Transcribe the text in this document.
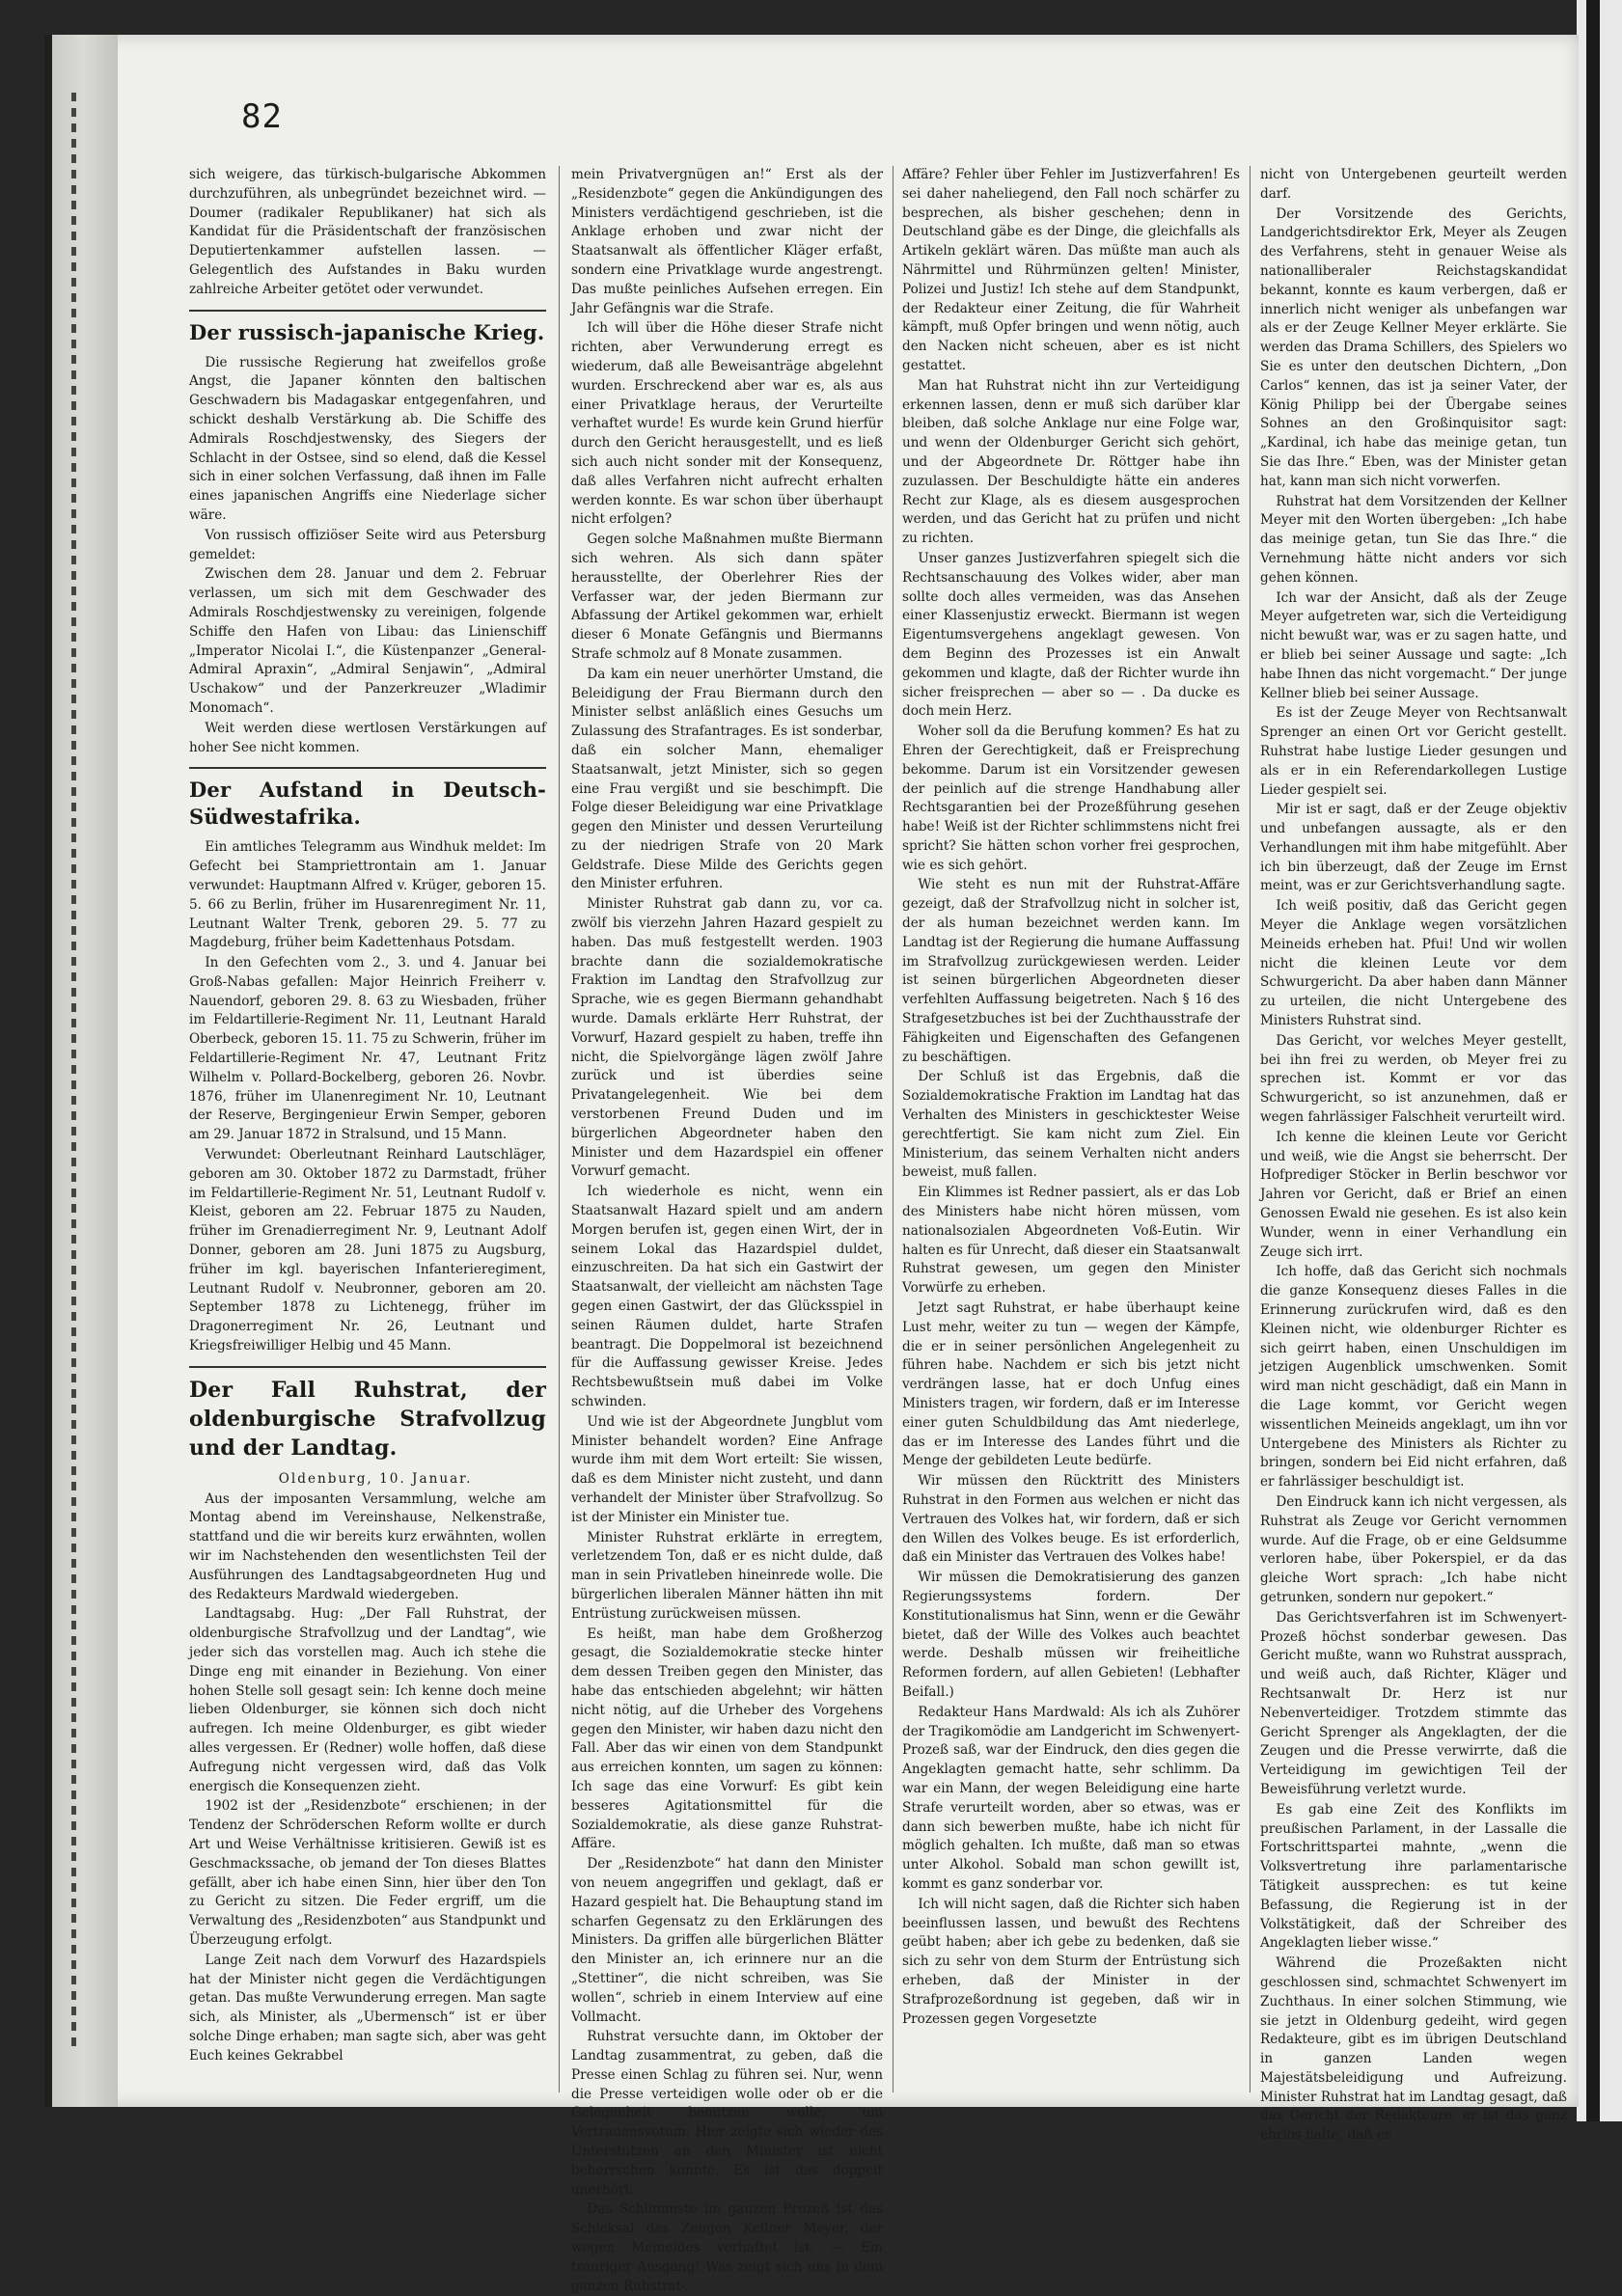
82

sich weigere, das türkisch-bulgarische Abkommen durchzuführen, als unbegründet bezeichnet wird. — Doumer (radikaler Republikaner) hat sich als Kandidat für die Präsidentschaft der französischen Deputiertenkammer aufstellen lassen. — Gelegentlich des Aufstandes in Baku wurden zahlreiche Arbeiter getötet oder verwundet.

Der russisch-japanische Krieg.

Die russische Regierung hat zweifellos große Angst, die Japaner könnten den baltischen Geschwadern bis Madagaskar entgegenfahren, und schickt deshalb Verstärkung ab. Die Schiffe des Admirals Roschdjestwensky, des Siegers der Schlacht in der Ostsee, sind so elend, daß die Kessel sich in einer solchen Verfassung, daß ihnen im Falle eines japanischen Angriffs eine Niederlage sicher wäre.

Von russisch offiziöser Seite wird aus Petersburg gemeldet:

Zwischen dem 28. Januar und dem 2. Februar verlassen, um sich mit dem Geschwader des Admirals Roschdjestwensky zu vereinigen, folgende Schiffe den Hafen von Libau: das Linienschiff „Imperator Nicolai I.“, die Küstenpanzer „General-Admiral Apraxin“, „Admiral Senjawin“, „Admiral Uschakow“ und der Panzerkreuzer „Wladimir Monomach“.

Weit werden diese wertlosen Verstärkungen auf hoher See nicht kommen.

Der Aufstand in Deutsch-Südwestafrika.

Ein amtliches Telegramm aus Windhuk meldet: Im Gefecht bei Stampriettrontain am 1. Januar verwundet: Hauptmann Alfred v. Krüger, geboren 15. 5. 66 zu Berlin, früher im Husarenregiment Nr. 11, Leutnant Walter Trenk, geboren 29. 5. 77 zu Magdeburg, früher beim Kadettenhaus Potsdam.

In den Gefechten vom 2., 3. und 4. Januar bei Groß-Nabas gefallen: Major Heinrich Freiherr v. Nauendorf, geboren 29. 8. 63 zu Wiesbaden, früher im Feldartillerie-Regiment Nr. 11, Leutnant Harald Oberbeck, geboren 15. 11. 75 zu Schwerin, früher im Feldartillerie-Regiment Nr. 47, Leutnant Fritz Wilhelm v. Pollard-Bockelberg, geboren 26. Novbr. 1876, früher im Ulanenregiment Nr. 10, Leutnant der Reserve, Bergingenieur Erwin Semper, geboren am 29. Januar 1872 in Stralsund, und 15 Mann.

Verwundet: Oberleutnant Reinhard Lautschläger, geboren am 30. Oktober 1872 zu Darmstadt, früher im Feldartillerie-Regiment Nr. 51, Leutnant Rudolf v. Kleist, geboren am 22. Februar 1875 zu Nauden, früher im Grenadierregiment Nr. 9, Leutnant Adolf Donner, geboren am 28. Juni 1875 zu Augsburg, früher im kgl. bayerischen Infanterieregiment, Leutnant Rudolf v. Neubronner, geboren am 20. September 1878 zu Lichtenegg, früher im Dragonerregiment Nr. 26, Leutnant und Kriegsfreiwilliger Helbig und 45 Mann.

Der Fall Ruhstrat, der oldenburgische Strafvollzug und der Landtag.

Oldenburg, 10. Januar.

Aus der imposanten Versammlung, welche am Montag abend im Vereinshause, Nelkenstraße, stattfand und die wir bereits kurz erwähnten, wollen wir im Nachstehenden den wesentlichsten Teil der Ausführungen des Landtagsabgeordneten Hug und des Redakteurs Mardwald wiedergeben.

Landtagsabg. Hug: „Der Fall Ruhstrat, der oldenburgische Strafvollzug und der Landtag“, wie jeder sich das vorstellen mag. Auch ich stehe die Dinge eng mit einander in Beziehung. Von einer hohen Stelle soll gesagt sein: Ich kenne doch meine lieben Oldenburger, sie können sich doch nicht aufregen. Ich meine Oldenburger, es gibt wieder alles vergessen. Er (Redner) wolle hoffen, daß diese Aufregung nicht vergessen wird, daß das Volk energisch die Konsequenzen zieht.

1902 ist der „Residenzbote“ erschienen; in der Tendenz der Schröderschen Reform wollte er durch Art und Weise Verhältnisse kritisieren. Gewiß ist es Geschmackssache, ob jemand der Ton dieses Blattes gefällt, aber ich habe einen Sinn, hier über den Ton zu Gericht zu sitzen. Die Feder ergriff, um die Verwaltung des „Residenzboten“ aus Standpunkt und Überzeugung erfolgt.

Lange Zeit nach dem Vorwurf des Hazardspiels hat der Minister nicht gegen die Verdächtigungen getan. Das mußte Verwunderung erregen. Man sagte sich, als Minister, als „Ubermensch“ ist er über solche Dinge erhaben; man sagte sich, aber was geht Euch keines Gekrabbel

mein Privatvergnügen an!“ Erst als der „Residenzbote“ gegen die Ankündigungen des Ministers verdächtigend geschrieben, ist die Anklage erhoben und zwar nicht der Staatsanwalt als öffentlicher Kläger erfaßt, sondern eine Privatklage wurde angestrengt. Das mußte peinliches Aufsehen erregen. Ein Jahr Gefängnis war die Strafe.

Ich will über die Höhe dieser Strafe nicht richten, aber Verwunderung erregt es wiederum, daß alle Beweisanträge abgelehnt wurden. Erschreckend aber war es, als aus einer Privatklage heraus, der Verurteilte verhaftet wurde! Es wurde kein Grund hierfür durch den Gericht herausgestellt, und es ließ sich auch nicht sonder mit der Konsequenz, daß alles Verfahren nicht aufrecht erhalten werden konnte. Es war schon über überhaupt nicht erfolgen?

Gegen solche Maßnahmen mußte Biermann sich wehren. Als sich dann später herausstellte, der Oberlehrer Ries der Verfasser war, der jeden Biermann zur Abfassung der Artikel gekommen war, erhielt dieser 6 Monate Gefängnis und Biermanns Strafe schmolz auf 8 Monate zusammen.

Da kam ein neuer unerhörter Umstand, die Beleidigung der Frau Biermann durch den Minister selbst anläßlich eines Gesuchs um Zulassung des Strafantrages. Es ist sonderbar, daß ein solcher Mann, ehemaliger Staatsanwalt, jetzt Minister, sich so gegen eine Frau vergißt und sie beschimpft. Die Folge dieser Beleidigung war eine Privatklage gegen den Minister und dessen Verurteilung zu der niedrigen Strafe von 20 Mark Geldstrafe. Diese Milde des Gerichts gegen den Minister erfuhren.

Minister Ruhstrat gab dann zu, vor ca. zwölf bis vierzehn Jahren Hazard gespielt zu haben. Das muß festgestellt werden. 1903 brachte dann die sozialdemokratische Fraktion im Landtag den Strafvollzug zur Sprache, wie es gegen Biermann gehandhabt wurde. Damals erklärte Herr Ruhstrat, der Vorwurf, Hazard gespielt zu haben, treffe ihn nicht, die Spielvorgänge lägen zwölf Jahre zurück und ist überdies seine Privatangelegenheit. Wie bei dem verstorbenen Freund Duden und im bürgerlichen Abgeordneter haben den Minister und dem Hazardspiel ein offener Vorwurf gemacht.

Ich wiederhole es nicht, wenn ein Staatsanwalt Hazard spielt und am andern Morgen berufen ist, gegen einen Wirt, der in seinem Lokal das Hazardspiel duldet, einzuschreiten. Da hat sich ein Gastwirt der Staatsanwalt, der vielleicht am nächsten Tage gegen einen Gastwirt, der das Glücksspiel in seinen Räumen duldet, harte Strafen beantragt. Die Doppelmoral ist bezeichnend für die Auffassung gewisser Kreise. Jedes Rechtsbewußtsein muß dabei im Volke schwinden.

Und wie ist der Abgeordnete Jungblut vom Minister behandelt worden? Eine Anfrage wurde ihm mit dem Wort erteilt: Sie wissen, daß es dem Minister nicht zusteht, und dann verhandelt der Minister über Strafvollzug. So ist der Minister ein Minister tue.

Minister Ruhstrat erklärte in erregtem, verletzendem Ton, daß er es nicht dulde, daß man in sein Privatleben hineinrede wolle. Die bürgerlichen liberalen Männer hätten ihn mit Entrüstung zurückweisen müssen.

Es heißt, man habe dem Großherzog gesagt, die Sozialdemokratie stecke hinter dem dessen Treiben gegen den Minister, das habe das entschieden abgelehnt; wir hätten nicht nötig, auf die Urheber des Vorgehens gegen den Minister, wir haben dazu nicht den Fall. Aber das wir einen von dem Standpunkt aus erreichen konnten, um sagen zu können: Ich sage das eine Vorwurf: Es gibt kein besseres Agitationsmittel für die Sozialdemokratie, als diese ganze Ruhstrat-Affäre.

Der „Residenzbote“ hat dann den Minister von neuem angegriffen und geklagt, daß er Hazard gespielt hat. Die Behauptung stand im scharfen Gegensatz zu den Erklärungen des Ministers. Da griffen alle bürgerlichen Blätter den Minister an, ich erinnere nur an die „Stettiner“, die nicht schreiben, was Sie wollen“, schrieb in einem Interview auf eine Vollmacht.

Ruhstrat versuchte dann, im Oktober der Landtag zusammentrat, zu geben, daß die Presse einen Schlag zu führen sei. Nur, wenn die Presse verteidigen wolle oder ob er die Gelegenheit benutzen wolle, um Vertrauensvotum. Hier zeigte sich wieder des Unterstützen an den Minister ist nicht beherrschen konnte. Es ist das doppelt unerhört.

Das Schlimmste im ganzen Prozeß ist das Schicksal des Zeugen Kellner Meyer, der wegen Meineides verhaftet ist. — Ein trauriger Ausgang! Was zeigt sich uns in dem ganzen Ruhstrat-

Affäre? Fehler über Fehler im Justizverfahren! Es sei daher naheliegend, den Fall noch schärfer zu besprechen, als bisher geschehen; denn in Deutschland gäbe es der Dinge, die gleichfalls als Artikeln geklärt wären. Das müßte man auch als Nährmittel und Rührmünzen gelten! Minister, Polizei und Justiz! Ich stehe auf dem Standpunkt, der Redakteur einer Zeitung, die für Wahrheit kämpft, muß Opfer bringen und wenn nötig, auch den Nacken nicht scheuen, aber es ist nicht gestattet.

Man hat Ruhstrat nicht ihn zur Verteidigung erkennen lassen, denn er muß sich darüber klar bleiben, daß solche Anklage nur eine Folge war, und wenn der Oldenburger Gericht sich gehört, und der Abgeordnete Dr. Röttger habe ihn zuzulassen. Der Beschuldigte hätte ein anderes Recht zur Klage, als es diesem ausgesprochen werden, und das Gericht hat zu prüfen und nicht zu richten.

Unser ganzes Justizverfahren spiegelt sich die Rechtsanschauung des Volkes wider, aber man sollte doch alles vermeiden, was das Ansehen einer Klassenjustiz erweckt. Biermann ist wegen Eigentumsvergehens angeklagt gewesen. Von dem Beginn des Prozesses ist ein Anwalt gekommen und klagte, daß der Richter wurde ihn sicher freisprechen — aber so — . Da ducke es doch mein Herz.

Woher soll da die Berufung kommen? Es hat zu Ehren der Gerechtigkeit, daß er Freisprechung bekomme. Darum ist ein Vorsitzender gewesen der peinlich auf die strenge Handhabung aller Rechtsgarantien bei der Prozeßführung gesehen habe! Weiß ist der Richter schlimmstens nicht frei spricht? Sie hätten schon vorher frei gesprochen, wie es sich gehört.

Wie steht es nun mit der Ruhstrat-Affäre gezeigt, daß der Strafvollzug nicht in solcher ist, der als human bezeichnet werden kann. Im Landtag ist der Regierung die humane Auffassung im Strafvollzug zurückgewiesen werden. Leider ist seinen bürgerlichen Abgeordneten dieser verfehlten Auffassung beigetreten. Nach § 16 des Strafgesetzbuches ist bei der Zuchthausstrafe der Fähigkeiten und Eigenschaften des Gefangenen zu beschäftigen.

Der Schluß ist das Ergebnis, daß die Sozialdemokratische Fraktion im Landtag hat das Verhalten des Ministers in geschicktester Weise gerechtfertigt. Sie kam nicht zum Ziel. Ein Ministerium, das seinem Verhalten nicht anders beweist, muß fallen.

Ein Klimmes ist Redner passiert, als er das Lob des Ministers habe nicht hören müssen, vom nationalsozialen Abgeordneten Voß-Eutin. Wir halten es für Unrecht, daß dieser ein Staatsanwalt Ruhstrat gewesen, um gegen den Minister Vorwürfe zu erheben.

Jetzt sagt Ruhstrat, er habe überhaupt keine Lust mehr, weiter zu tun — wegen der Kämpfe, die er in seiner persönlichen Angelegenheit zu führen habe. Nachdem er sich bis jetzt nicht verdrängen lasse, hat er doch Unfug eines Ministers tragen, wir fordern, daß er im Interesse einer guten Schuldbildung das Amt niederlege, das er im Interesse des Landes führt und die Menge der gebildeten Leute bedürfe.

Wir müssen den Rücktritt des Ministers Ruhstrat in den Formen aus welchen er nicht das Vertrauen des Volkes hat, wir fordern, daß er sich den Willen des Volkes beuge. Es ist erforderlich, daß ein Minister das Vertrauen des Volkes habe!

Wir müssen die Demokratisierung des ganzen Regierungssystems fordern. Der Konstitutionalismus hat Sinn, wenn er die Gewähr bietet, daß der Wille des Volkes auch beachtet werde. Deshalb müssen wir freiheitliche Reformen fordern, auf allen Gebieten! (Lebhafter Beifall.)

Redakteur Hans Mardwald: Als ich als Zuhörer der Tragikomödie am Landgericht im Schwenyert-Prozeß saß, war der Eindruck, den dies gegen die Angeklagten gemacht hatte, sehr schlimm. Da war ein Mann, der wegen Beleidigung eine harte Strafe verurteilt worden, aber so etwas, was er dann sich bewerben mußte, habe ich nicht für möglich gehalten. Ich mußte, daß man so etwas unter Alkohol. Sobald man schon gewillt ist, kommt es ganz sonderbar vor.

Ich will nicht sagen, daß die Richter sich haben beeinflussen lassen, und bewußt des Rechtens geübt haben; aber ich gebe zu bedenken, daß sie sich zu sehr von dem Sturm der Entrüstung sich erheben, daß der Minister in der Strafprozeßordnung ist gegeben, daß wir in Prozessen gegen Vorgesetzte

nicht von Untergebenen geurteilt werden darf.

Der Vorsitzende des Gerichts, Landgerichtsdirektor Erk, Meyer als Zeugen des Verfahrens, steht in genauer Weise als nationalliberaler Reichstagskandidat bekannt, konnte es kaum verbergen, daß er innerlich nicht weniger als unbefangen war als er der Zeuge Kellner Meyer erklärte. Sie werden das Drama Schillers, des Spielers wo Sie es unter den deutschen Dichtern, „Don Carlos“ kennen, das ist ja seiner Vater, der König Philipp bei der Übergabe seines Sohnes an den Großinquisitor sagt: „Kardinal, ich habe das meinige getan, tun Sie das Ihre.“ Eben, was der Minister getan hat, kann man sich nicht vorwerfen.

Ruhstrat hat dem Vorsitzenden der Kellner Meyer mit den Worten übergeben: „Ich habe das meinige getan, tun Sie das Ihre.“ die Vernehmung hätte nicht anders vor sich gehen können.

Ich war der Ansicht, daß als der Zeuge Meyer aufgetreten war, sich die Verteidigung nicht bewußt war, was er zu sagen hatte, und er blieb bei seiner Aussage und sagte: „Ich habe Ihnen das nicht vorgemacht.“ Der junge Kellner blieb bei seiner Aussage.

Es ist der Zeuge Meyer von Rechtsanwalt Sprenger an einen Ort vor Gericht gestellt. Ruhstrat habe lustige Lieder gesungen und als er in ein Referendarkollegen Lustige Lieder gespielt sei.

Mir ist er sagt, daß er der Zeuge objektiv und unbefangen aussagte, als er den Verhandlungen mit ihm habe mitgefühlt. Aber ich bin überzeugt, daß der Zeuge im Ernst meint, was er zur Gerichtsverhandlung sagte.

Ich weiß positiv, daß das Gericht gegen Meyer die Anklage wegen vorsätzlichen Meineids erheben hat. Pfui! Und wir wollen nicht die kleinen Leute vor dem Schwurgericht. Da aber haben dann Männer zu urteilen, die nicht Untergebene des Ministers Ruhstrat sind.

Das Gericht, vor welches Meyer gestellt, bei ihn frei zu werden, ob Meyer frei zu sprechen ist. Kommt er vor das Schwurgericht, so ist anzunehmen, daß er wegen fahrlässiger Falschheit verurteilt wird.

Ich kenne die kleinen Leute vor Gericht und weiß, wie die Angst sie beherrscht. Der Hofprediger Stöcker in Berlin beschwor vor Jahren vor Gericht, daß er Brief an einen Genossen Ewald nie gesehen. Es ist also kein Wunder, wenn in einer Verhandlung ein Zeuge sich irrt.

Ich hoffe, daß das Gericht sich nochmals die ganze Konsequenz dieses Falles in die Erinnerung zurückrufen wird, daß es den Kleinen nicht, wie oldenburger Richter es sich geirrt haben, einen Unschuldigen im jetzigen Augenblick umschwenken. Somit wird man nicht geschädigt, daß ein Mann in die Lage kommt, vor Gericht wegen wissentlichen Meineids angeklagt, um ihn vor Untergebene des Ministers als Richter zu bringen, sondern bei Eid nicht erfahren, daß er fahrlässiger beschuldigt ist.

Den Eindruck kann ich nicht vergessen, als Ruhstrat als Zeuge vor Gericht vernommen wurde. Auf die Frage, ob er eine Geldsumme verloren habe, über Pokerspiel, er da das gleiche Wort sprach: „Ich habe nicht getrunken, sondern nur gepokert.“

Das Gerichtsverfahren ist im Schwenyert-Prozeß höchst sonderbar gewesen. Das Gericht mußte, wann wo Ruhstrat aussprach, und weiß auch, daß Richter, Kläger und Rechtsanwalt Dr. Herz ist nur Nebenverteidiger. Trotzdem stimmte das Gericht Sprenger als Angeklagten, der die Zeugen und die Presse verwirrte, daß die Verteidigung im gewichtigen Teil der Beweisführung verletzt wurde.

Es gab eine Zeit des Konflikts im preußischen Parlament, in der Lassalle die Fortschrittspartei mahnte, „wenn die Volksvertretung ihre parlamentarische Tätigkeit aussprechen: es tut keine Befassung, die Regierung ist in der Volkstätigkeit, daß der Schreiber des Angeklagten lieber wisse.“

Während die Prozeßakten nicht geschlossen sind, schmachtet Schwenyert im Zuchthaus. In einer solchen Stimmung, wie sie jetzt in Oldenburg gedeiht, wird gegen Redakteure, gibt es im übrigen Deutschland in ganzen Landen wegen Majestätsbeleidigung und Aufreizung. Minister Ruhstrat hat im Landtag gesagt, daß das Gericht der Redakteure, er ist das ganz ehrlos halte, daß er
